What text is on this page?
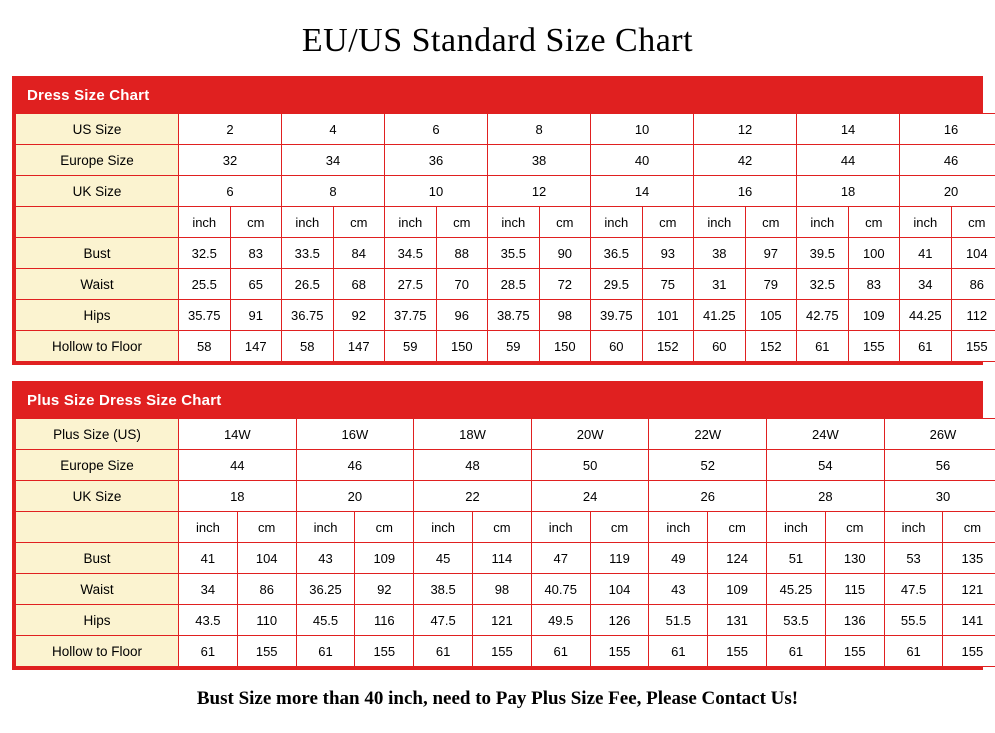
EU/US Standard Size Chart
Dress Size Chart
US Size	2		4		6		8		10		12		14		16	
Europe Size	32		34		36		38		40		42		44		46	
UK Size	6		8		10		12		14		16		18		20	
	inch	cm	inch	cm	inch	cm	inch	cm	inch	cm	inch	cm	inch	cm	inch	cm
Bust	32.5	83	33.5	84	34.5	88	35.5	90	36.5	93	38	97	39.5	100	41	104
Waist	25.5	65	26.5	68	27.5	70	28.5	72	29.5	75	31	79	32.5	83	34	86
Hips	35.75	91	36.75	92	37.75	96	38.75	98	39.75	101	41.25	105	42.75	109	44.25	112
Hollow to Floor	58	147	58	147	59	150	59	150	60	152	60	152	61	155	61	155
Plus Size Dress Size Chart
Plus Size (US)	14W		16W		18W		20W		22W		24W		26W	
Europe Size	44		46		48		50		52		54		56	
UK Size	18		20		22		24		26		28		30	
	inch	cm	inch	cm	inch	cm	inch	cm	inch	cm	inch	cm	inch	cm
Bust	41	104	43	109	45	114	47	119	49	124	51	130	53	135
Waist	34	86	36.25	92	38.5	98	40.75	104	43	109	45.25	115	47.5	121
Hips	43.5	110	45.5	116	47.5	121	49.5	126	51.5	131	53.5	136	55.5	141
Hollow to Floor	61	155	61	155	61	155	61	155	61	155	61	155	61	155
Bust Size more than 40 inch, need to Pay Plus Size Fee, Please Contact Us!
